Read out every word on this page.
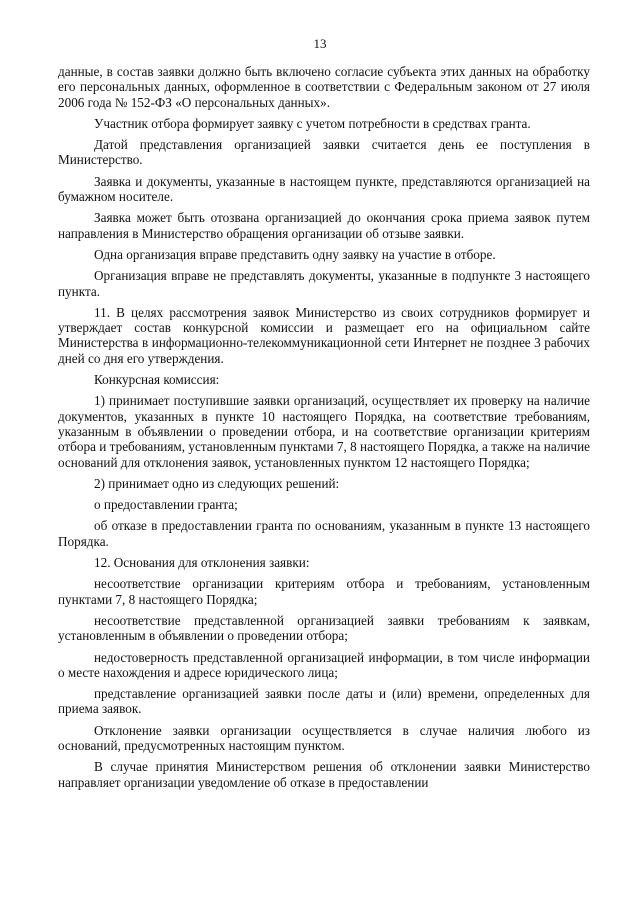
13

данные, в состав заявки должно быть включено согласие субъекта этих данных на обработку его персональных данных, оформленное в соответствии с Федеральным законом от 27 июля 2006 года № 152-ФЗ «О персональных данных».

Участник отбора формирует заявку с учетом потребности в средствах гранта.

Датой представления организацией заявки считается день ее поступления в Министерство.

Заявка и документы, указанные в настоящем пункте, представляются организацией на бумажном носителе.

Заявка может быть отозвана организацией до окончания срока приема заявок путем направления в Министерство обращения организации об отзыве заявки.

Одна организация вправе представить одну заявку на участие в отборе.

Организация вправе не представлять документы, указанные в подпункте 3 настоящего пункта.

11. В целях рассмотрения заявок Министерство из своих сотрудников формирует и утверждает состав конкурсной комиссии и размещает его на официальном сайте Министерства в информационно-телекоммуникационной сети Интернет не позднее 3 рабочих дней со дня его утверждения.

Конкурсная комиссия:

1) принимает поступившие заявки организаций, осуществляет их проверку на наличие документов, указанных в пункте 10 настоящего Порядка, на соответствие требованиям, указанным в объявлении о проведении отбора, и на соответствие организации критериям отбора и требованиям, установленным пунктами 7, 8 настоящего Порядка, а также на наличие оснований для отклонения заявок, установленных пунктом 12 настоящего Порядка;

2) принимает одно из следующих решений:

о предоставлении гранта;

об отказе в предоставлении гранта по основаниям, указанным в пункте 13 настоящего Порядка.

12. Основания для отклонения заявки:

несоответствие организации критериям отбора и требованиям, установленным пунктами 7, 8 настоящего Порядка;

несоответствие представленной организацией заявки требованиям к заявкам, установленным в объявлении о проведении отбора;

недостоверность представленной организацией информации, в том числе информации о месте нахождения и адресе юридического лица;

представление организацией заявки после даты и (или) времени, определенных для приема заявок.

Отклонение заявки организации осуществляется в случае наличия любого из оснований, предусмотренных настоящим пунктом.

В случае принятия Министерством решения об отклонении заявки Министерство направляет организации уведомление об отказе в предоставлении
